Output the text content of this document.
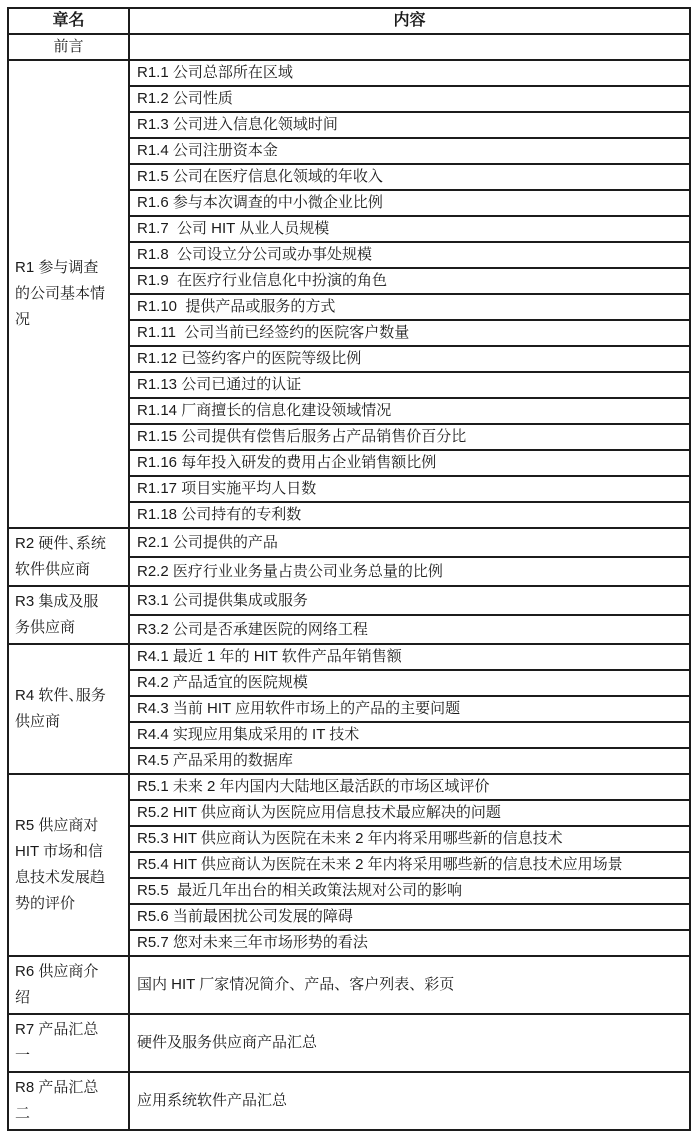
章名	内容
前言	
R1 参与调查的公司基本情况	R1.1 公司总部所在区域
	R1.2 公司性质
	R1.3 公司进入信息化领域时间
	R1.4 公司注册资本金
	R1.5 公司在医疗信息化领域的年收入
	R1.6 参与本次调查的中小微企业比例
	R1.7  公司 HIT 从业人员规模
	R1.8  公司设立分公司或办事处规模
	R1.9  在医疗行业信息化中扮演的角色
	R1.10  提供产品或服务的方式
	R1.11  公司当前已经签约的医院客户数量
	R1.12 已签约客户的医院等级比例
	R1.13 公司已通过的认证
	R1.14 厂商擅长的信息化建设领域情况
	R1.15 公司提供有偿售后服务占产品销售价百分比
	R1.16 每年投入研发的费用占企业销售额比例
	R1.17 项目实施平均人日数
	R1.18 公司持有的专利数
R2 硬件、系统软件供应商	R2.1 公司提供的产品
	R2.2 医疗行业业务量占贵公司业务总量的比例
R3 集成及服务供应商	R3.1 公司提供集成或服务
	R3.2 公司是否承建医院的网络工程
R4 软件、服务供应商	R4.1 最近 1 年的 HIT 软件产品年销售额
	R4.2 产品适宜的医院规模
	R4.3 当前 HIT 应用软件市场上的产品的主要问题
	R4.4 实现应用集成采用的 IT 技术
	R4.5 产品采用的数据库
R5 供应商对 HIT 市场和信息技术发展趋势的评价	R5.1 未来 2 年内国内大陆地区最活跃的市场区域评价
	R5.2 HIT 供应商认为医院应用信息技术最应解决的问题
	R5.3 HIT 供应商认为医院在未来 2 年内将采用哪些新的信息技术
	R5.4 HIT 供应商认为医院在未来 2 年内将采用哪些新的信息技术应用场景
	R5.5  最近几年出台的相关政策法规对公司的影响
	R5.6 当前最困扰公司发展的障碍
	R5.7 您对未来三年市场形势的看法
R6 供应商介绍	国内 HIT 厂家情况简介、产品、客户列表、彩页
R7 产品汇总一	硬件及服务供应商产品汇总
R8 产品汇总二	应用系统软件产品汇总
